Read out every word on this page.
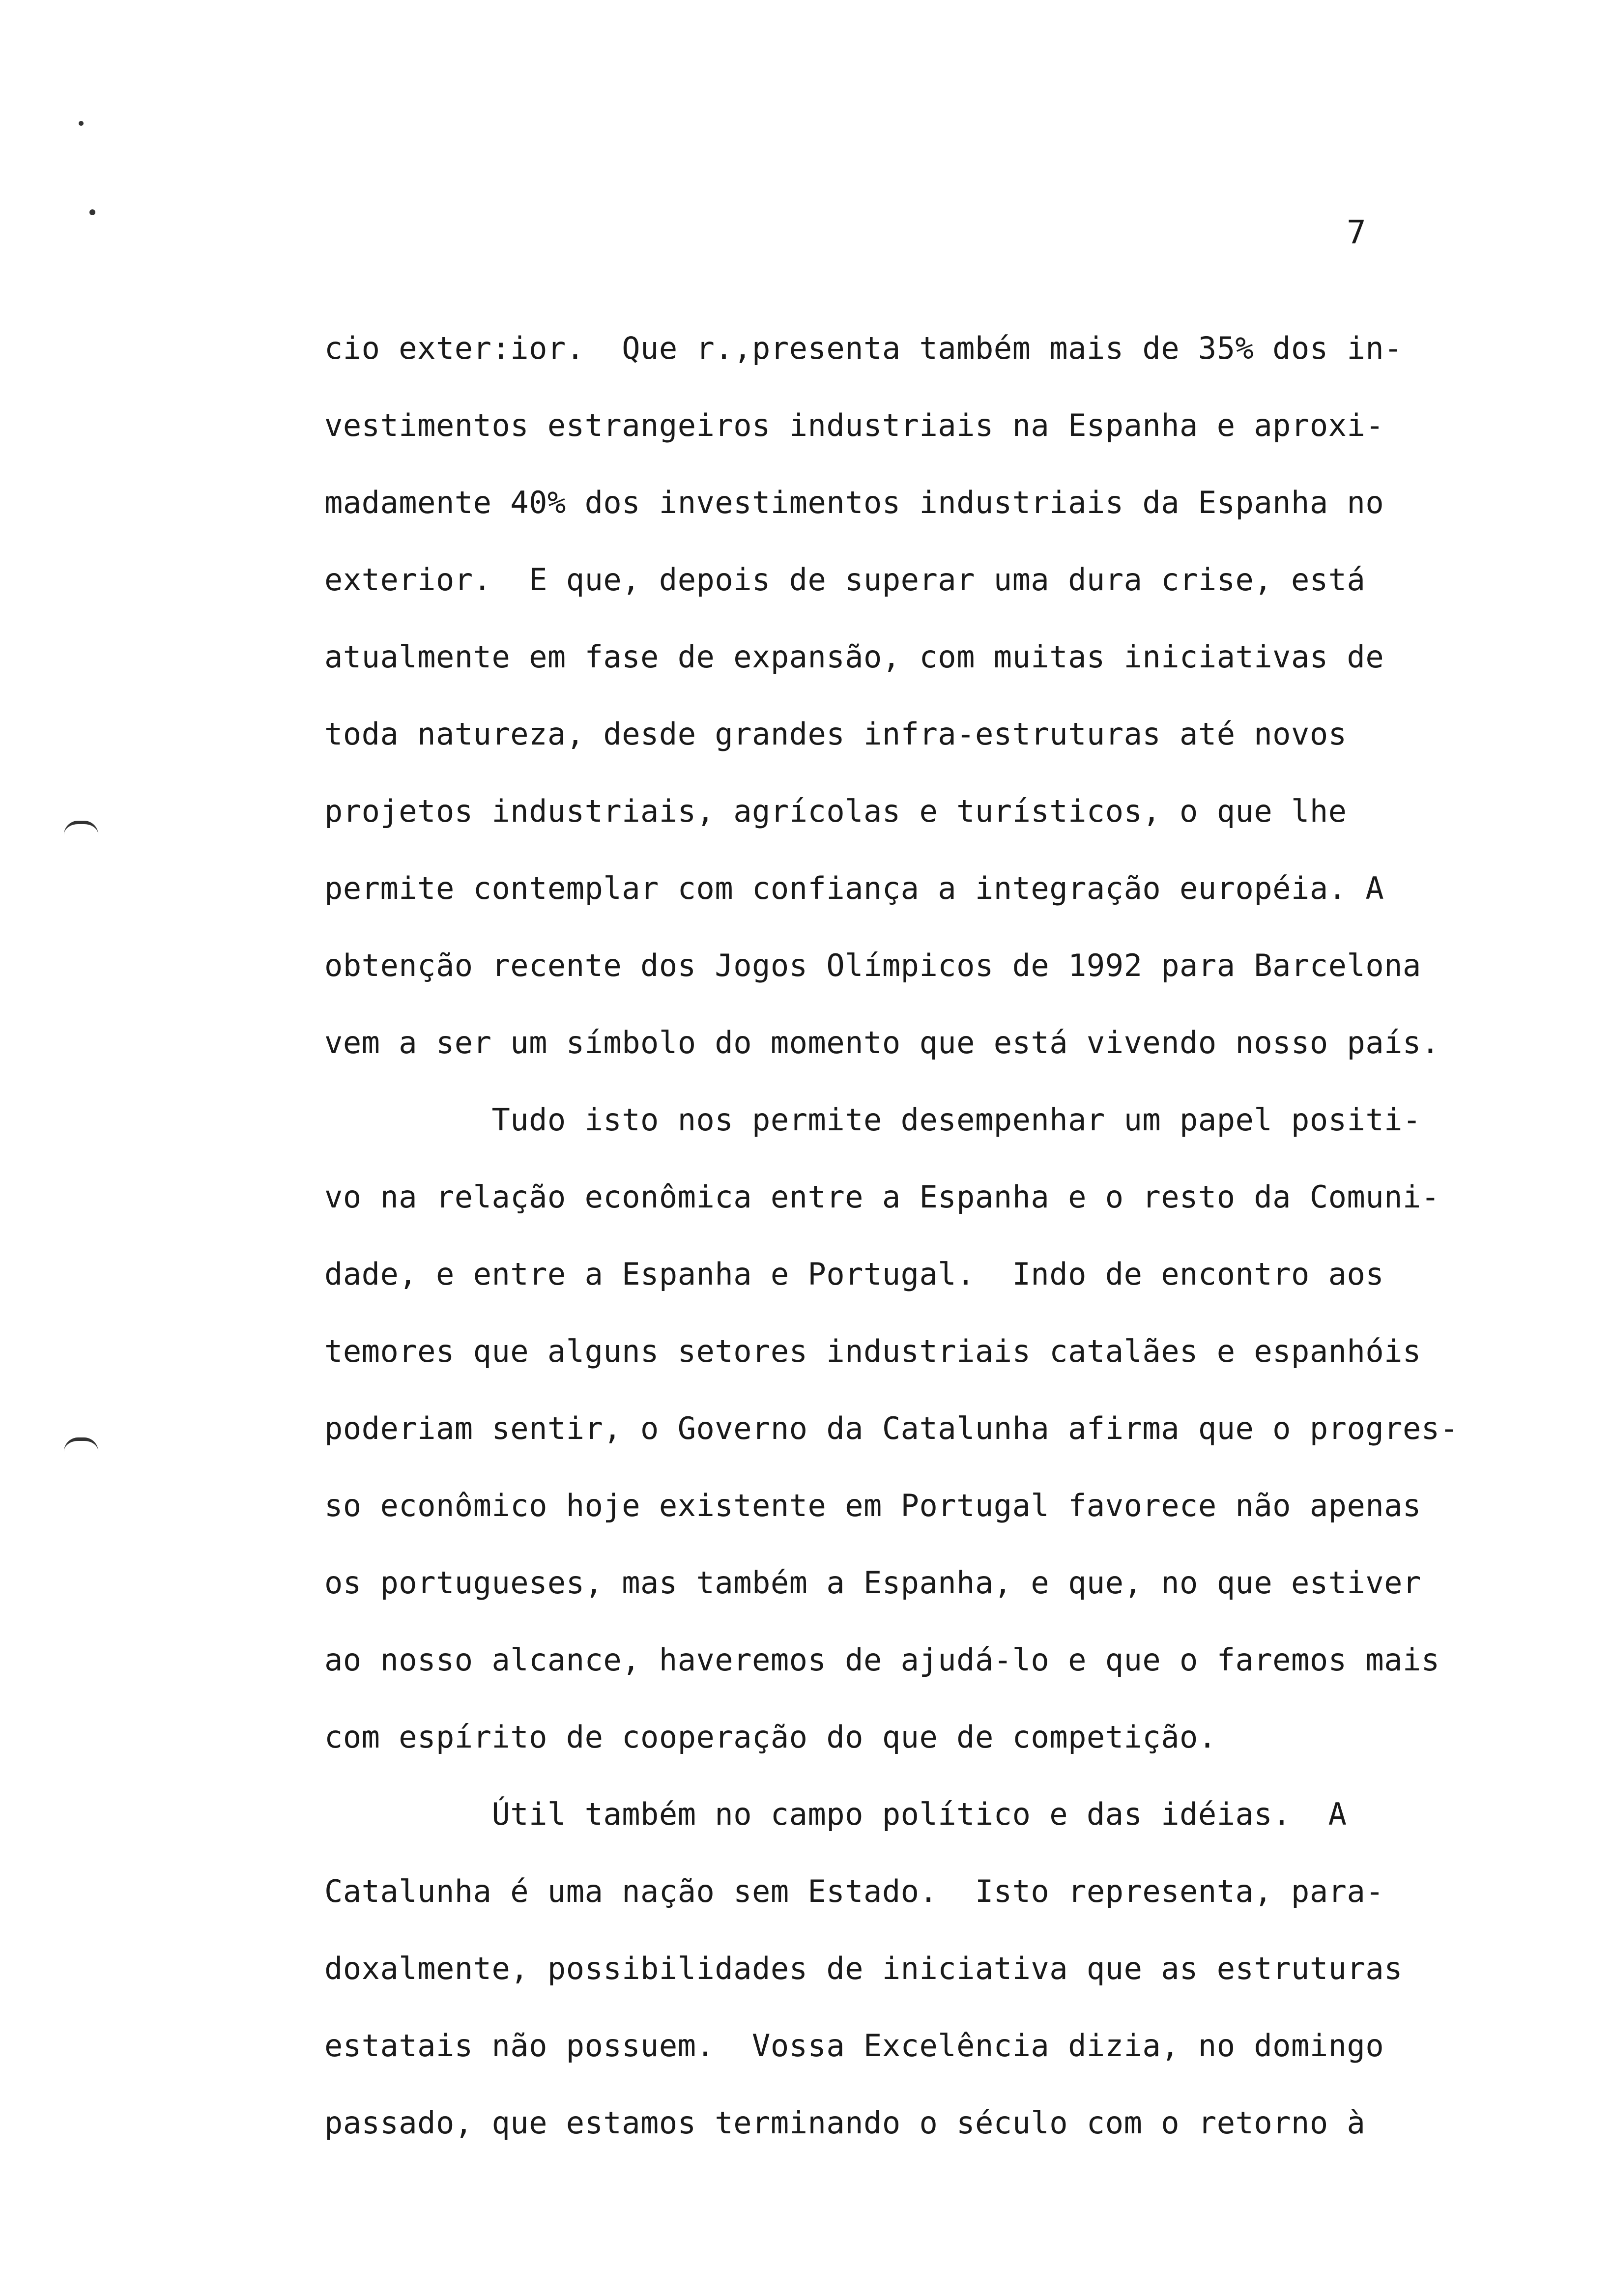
7
cio exter:ior.  Que r.,presenta também mais de 35% dos in-
vestimentos estrangeiros industriais na Espanha e aproxi-
madamente 40% dos investimentos industriais da Espanha no
exterior.  E que, depois de superar uma dura crise, está
atualmente em fase de expansão, com muitas iniciativas de
toda natureza, desde grandes infra-estruturas até novos
projetos industriais, agrícolas e turísticos, o que lhe
permite contemplar com confiança a integração européia. A
obtenção recente dos Jogos Olímpicos de 1992 para Barcelona
vem a ser um símbolo do momento que está vivendo nosso país.
Tudo isto nos permite desempenhar um papel positi-
vo na relação econômica entre a Espanha e o resto da Comuni-
dade, e entre a Espanha e Portugal.  Indo de encontro aos
temores que alguns setores industriais catalães e espanhóis
poderiam sentir, o Governo da Catalunha afirma que o progres-
so econômico hoje existente em Portugal favorece não apenas
os portugueses, mas também a Espanha, e que, no que estiver
ao nosso alcance, haveremos de ajudá-lo e que o faremos mais
com espírito de cooperação do que de competição.
Útil também no campo político e das idéias.  A
Catalunha é uma nação sem Estado.  Isto representa, para-
doxalmente, possibilidades de iniciativa que as estruturas
estatais não possuem.  Vossa Excelência dizia, no domingo
passado, que estamos terminando o século com o retorno à
